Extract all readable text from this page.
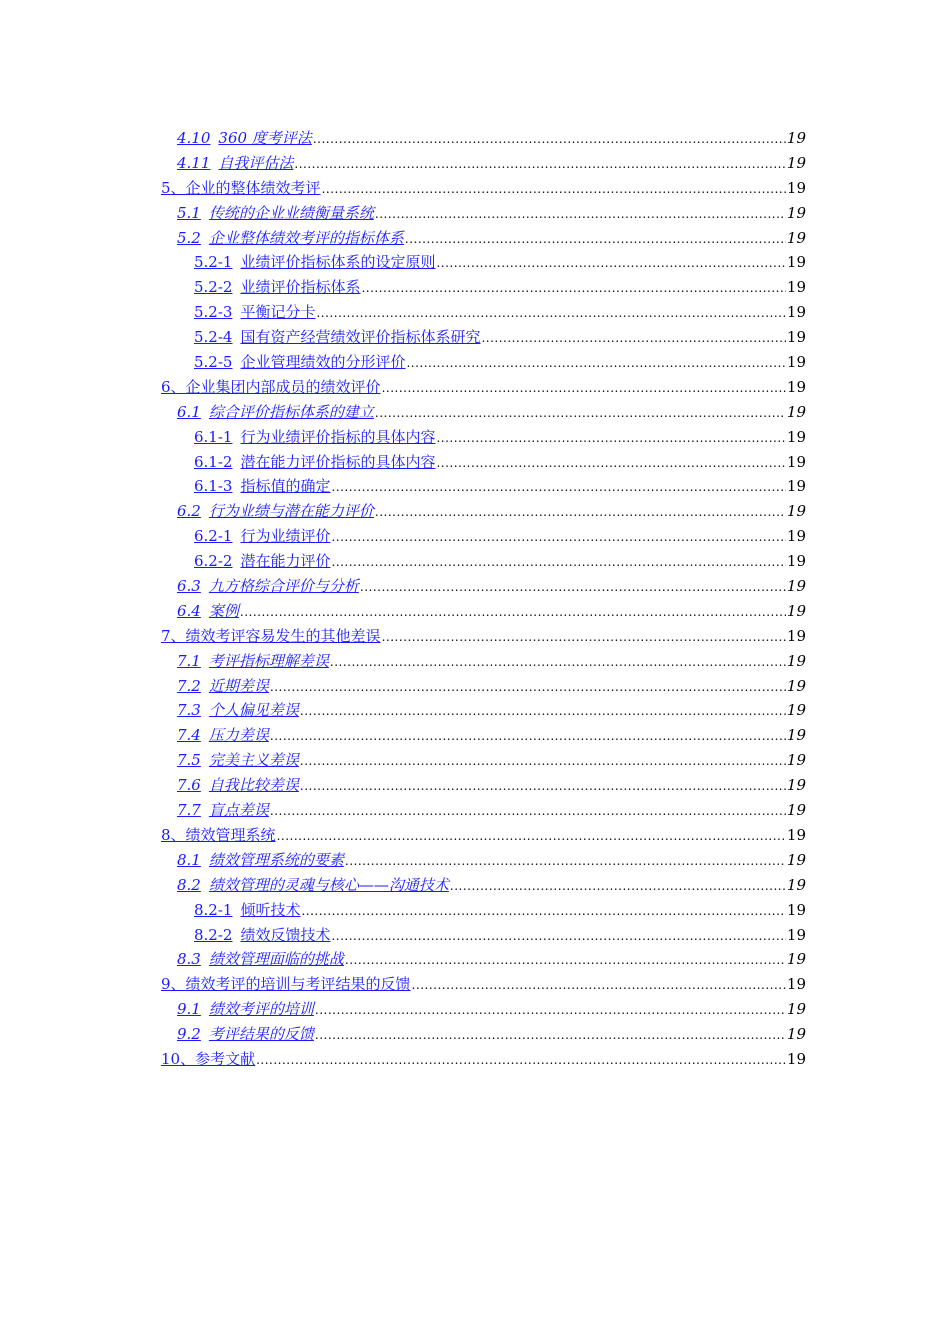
4.10 360 度考评法 .....	19
4.11 自我评估法 .....	19
5、企业的整体绩效考评 .....	19
5.1 传统的企业业绩衡量系统 .....	19
5.2 企业整体绩效考评的指标体系 .....	19
5.2-1 业绩评价指标体系的设定原则 .....	19
5.2-2 业绩评价指标体系 .....	19
5.2-3 平衡记分卡 .....	19
5.2-4 国有资产经营绩效评价指标体系研究 .....	19
5.2-5 企业管理绩效的分形评价 .....	19
6、企业集团内部成员的绩效评价 .....	19
6.1 综合评价指标体系的建立 .....	19
6.1-1 行为业绩评价指标的具体内容 .....	19
6.1-2 潜在能力评价指标的具体内容 .....	19
6.1-3 指标值的确定 .....	19
6.2 行为业绩与潜在能力评价 .....	19
6.2-1 行为业绩评价 .....	19
6.2-2 潜在能力评价 .....	19
6.3 九方格综合评价与分析 .....	19
6.4 案例 .....	19
7、绩效考评容易发生的其他差误 .....	19
7.1 考评指标理解差误 .....	19
7.2 近期差误 .....	19
7.3 个人偏见差误 .....	19
7.4 压力差误 .....	19
7.5 完美主义差误 .....	19
7.6 自我比较差误 .....	19
7.7 盲点差误 .....	19
8、绩效管理系统 .....	19
8.1 绩效管理系统的要素 .....	19
8.2 绩效管理的灵魂与核心——沟通技术 .....	19
8.2-1 倾听技术 .....	19
8.2-2 绩效反馈技术 .....	19
8.3 绩效管理面临的挑战 .....	19
9、绩效考评的培训与考评结果的反馈 .....	19
9.1 绩效考评的培训 .....	19
9.2 考评结果的反馈 .....	19
10、参考文献 .....	19
